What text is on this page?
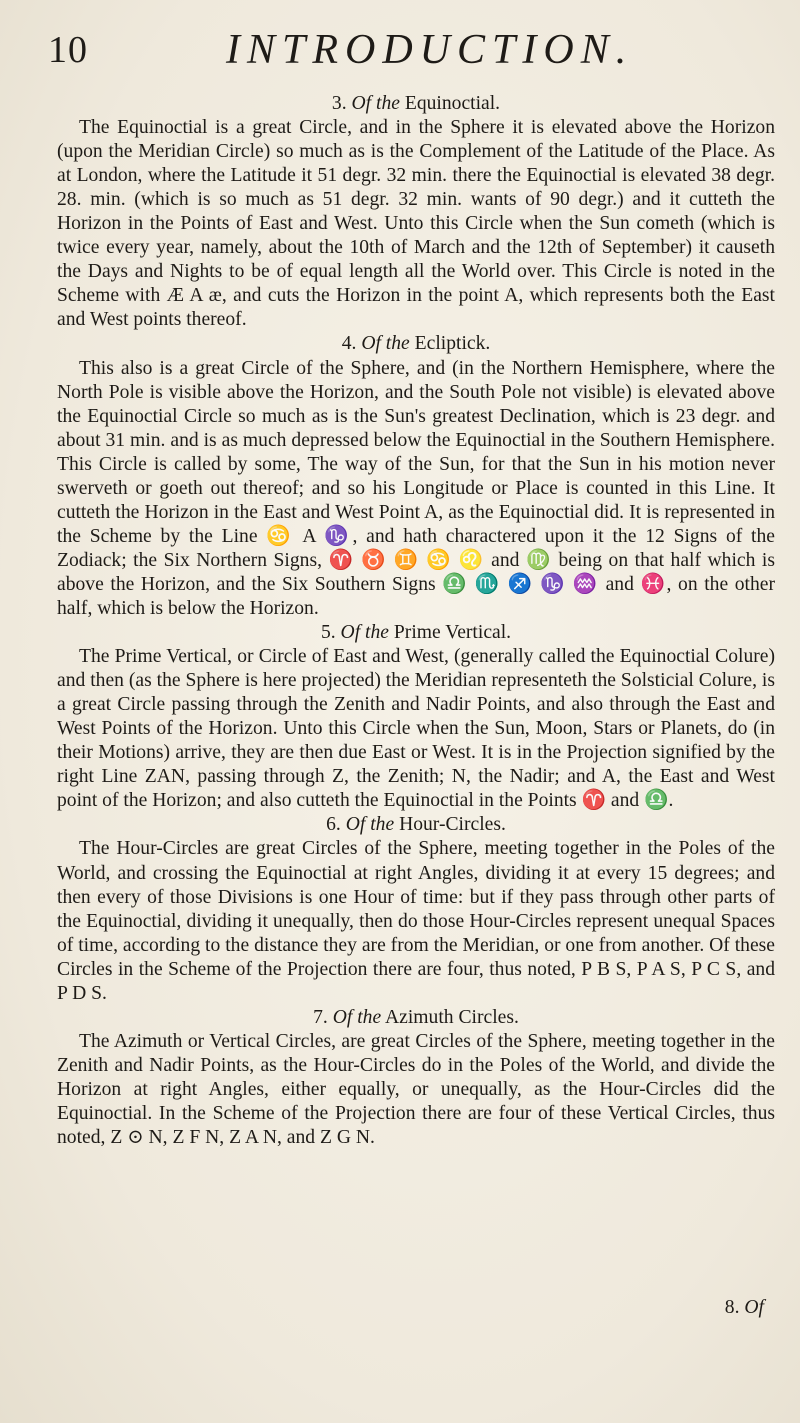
10	INTRODUCTION.
3. Of the Equinoctial.

The Equinoctial is a great Circle, and in the Sphere it is elevated above the Horizon (upon the Meridian Circle) so much as is the Complement of the Latitude of the Place. As at London, where the Latitude it 51 degr. 32 min. there the Equinoctial is elevated 38 degr. 28. min. (which is so much as 51 degr. 32 min. wants of 90 degr.) and it cutteth the Horizon in the Points of East and West. Unto this Circle when the Sun cometh (which is twice every year, namely, about the 10th of March and the 12th of September) it causeth the Days and Nights to be of equal length all the World over. This Circle is noted in the Scheme with Æ A æ, and cuts the Horizon in the point A, which represents both the East and West points thereof.

4. Of the Ecliptick.

This also is a great Circle of the Sphere, and (in the Northern Hemisphere, where the North Pole is visible above the Horizon, and the South Pole not visible) is elevated above the Equinoctial Circle so much as is the Sun's greatest Declination, which is 23 degr. and about 31 min. and is as much depressed below the Equinoctial in the Southern Hemisphere. This Circle is called by some, The way of the Sun, for that the Sun in his motion never swerveth or goeth out thereof; and so his Longitude or Place is counted in this Line. It cutteth the Horizon in the East and West Point A, as the Equinoctial did. It is represented in the Scheme by the Line ♋ A ♑, and hath charactered upon it the 12 Signs of the Zodiack; the Six Northern Signs, ♈ ♉ ♊ ♋ ♌ and ♍ being on that half which is above the Horizon, and the Six Southern Signs ♎ ♏ ♐ ♑ ♒ and ♓, on the other half, which is below the Horizon.

5. Of the Prime Vertical.

The Prime Vertical, or Circle of East and West, (generally called the Equinoctial Colure) and then (as the Sphere is here projected) the Meridian representeth the Solsticial Colure, is a great Circle passing through the Zenith and Nadir Points, and also through the East and West Points of the Horizon. Unto this Circle when the Sun, Moon, Stars or Planets, do (in their Motions) arrive, they are then due East or West. It is in the Projection signified by the right Line ZAN, passing through Z, the Zenith; N, the Nadir; and A, the East and West point of the Horizon; and also cutteth the Equinoctial in the Points ♈ and ♎.

6. Of the Hour-Circles.

The Hour-Circles are great Circles of the Sphere, meeting together in the Poles of the World, and crossing the Equinoctial at right Angles, dividing it at every 15 degrees; and then every of those Divisions is one Hour of time: but if they pass through other parts of the Equinoctial, dividing it unequally, then do those Hour-Circles represent unequal Spaces of time, according to the distance they are from the Meridian, or one from another. Of these Circles in the Scheme of the Projection there are four, thus noted, P B S, P A S, P C S, and P D S.

7. Of the Azimuth Circles.

The Azimuth or Vertical Circles, are great Circles of the Sphere, meeting together in the Zenith and Nadir Points, as the Hour-Circles do in the Poles of the World, and divide the Horizon at right Angles, either equally, or unequally, as the Hour-Circles did the Equinoctial. In the Scheme of the Projection there are four of these Vertical Circles, thus noted, Z ⊙ N, Z F N, Z A N, and Z G N.

8. Of
